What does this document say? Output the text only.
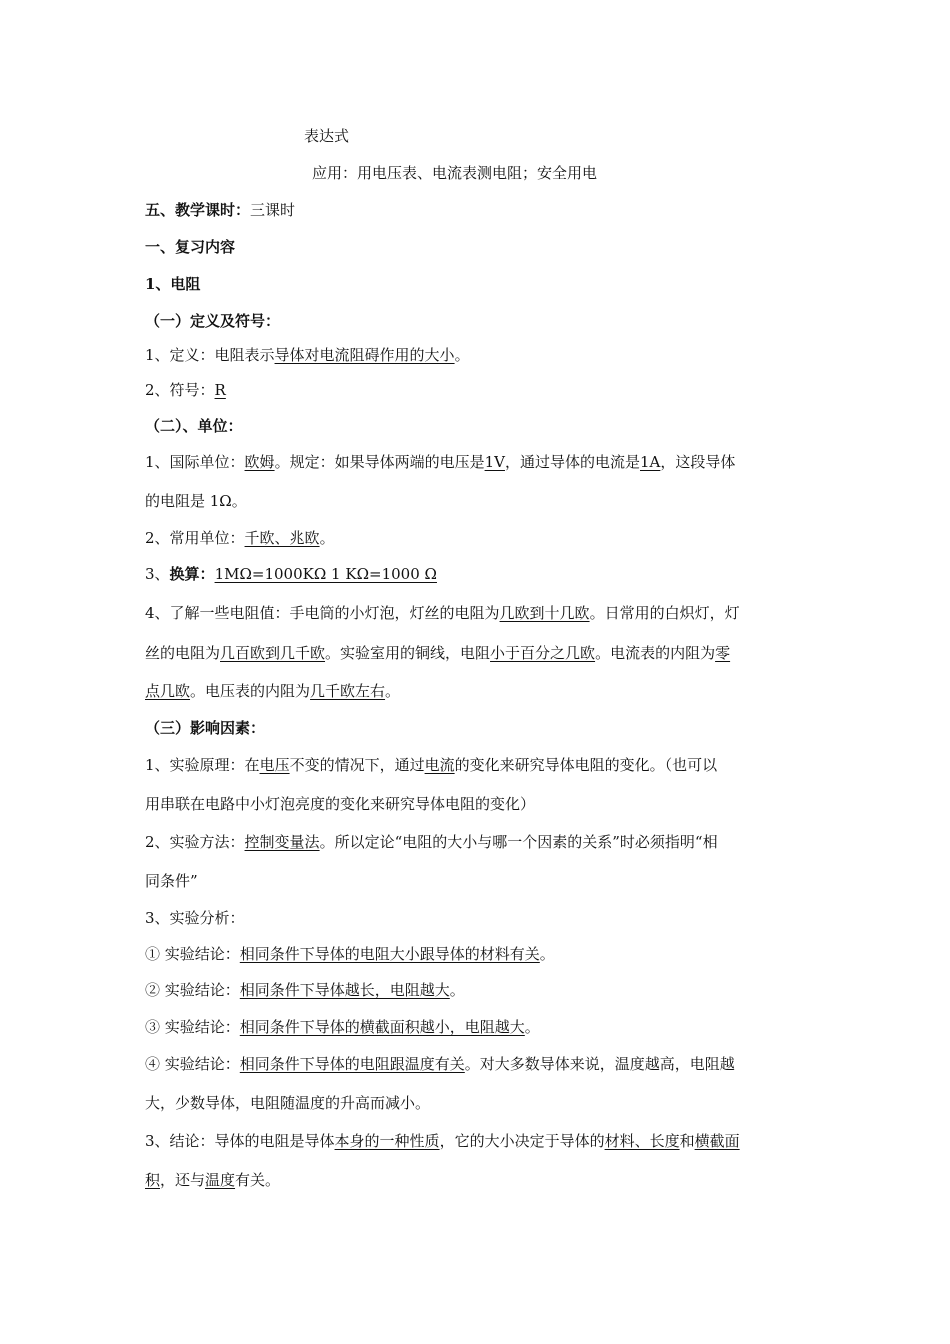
表达式
应用：用电压表、电流表测电阻；安全用电
五、教学课时：三课时
一、复习内容
1、电阻
（一）定义及符号：
1、定义：电阻表示导体对电流阻碍作用的大小。
2、符号：R
（二）、单位：
1、国际单位：欧姆。规定：如果导体两端的电压是1V，通过导体的电流是1A，这段导体
的电阻是 1Ω。
2、常用单位：千欧、兆欧。
3、换算：1MΩ=1000KΩ 1 KΩ=1000 Ω
4、了解一些电阻值：手电筒的小灯泡，灯丝的电阻为几欧到十几欧。日常用的白炽灯，灯
丝的电阻为几百欧到几千欧。实验室用的铜线，电阻小于百分之几欧。电流表的内阻为零
点几欧。电压表的内阻为几千欧左右。
（三）影响因素：
1、实验原理：在电压不变的情况下，通过电流的变化来研究导体电阻的变化。（也可以
用串联在电路中小灯泡亮度的变化来研究导体电阻的变化）
2、实验方法：控制变量法。所以定论“电阻的大小与哪一个因素的关系”时必须指明“相
同条件”
3、实验分析：
① 实验结论：相同条件下导体的电阻大小跟导体的材料有关。
② 实验结论：相同条件下导体越长，电阻越大。
③ 实验结论：相同条件下导体的横截面积越小，电阻越大。
④ 实验结论：相同条件下导体的电阻跟温度有关。对大多数导体来说，温度越高，电阻越
大，少数导体，电阻随温度的升高而减小。
3、结论：导体的电阻是导体本身的一种性质，它的大小决定于导体的材料、长度和横截面
积，还与温度有关。
